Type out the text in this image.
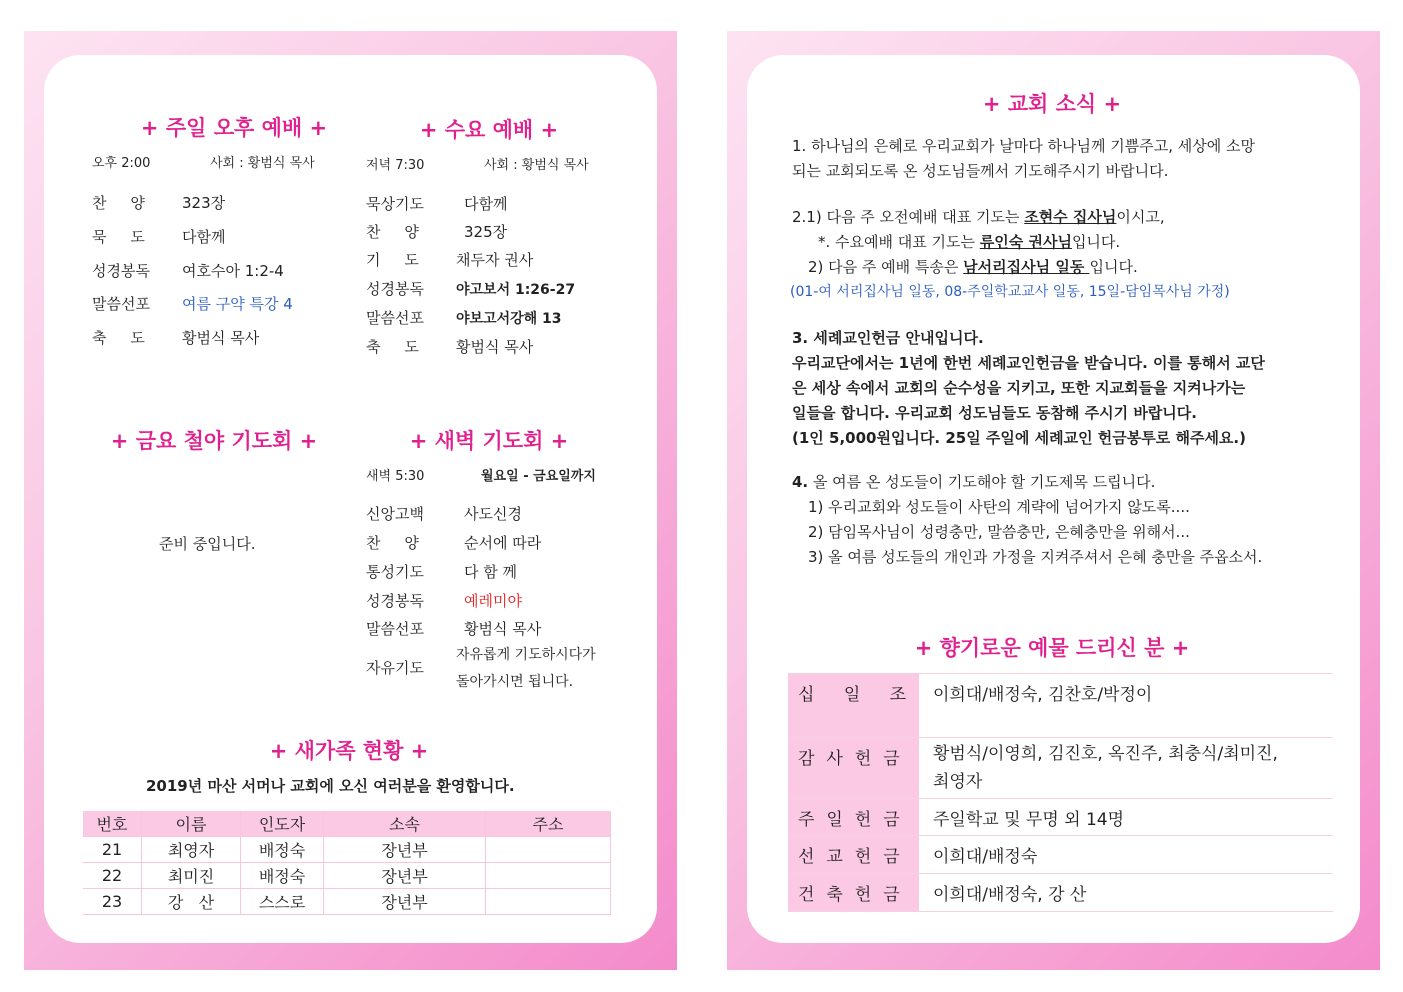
+ 주일 오후 예배 +
오후 2:00	사회 : 황범식 목사
찬     양 323장
묵     도 다함께
성경봉독 여호수아 1:2-4
말씀선포 여름 구약 특강 4
축     도 황범식 목사
+ 수요 예배 +
저녁 7:30	사회 : 황범식 목사
묵상기도	다함께
찬     양	325장
기     도 채두자 권사
성경봉독 야고보서 1:26-27
말씀선포 야보고서강해 13
축     도 황범식 목사
+ 금요 철야 기도회 +
준비 중입니다.
+ 새벽 기도회 +
새벽 5:30	월요일 - 금요일까지
신앙고백	사도신경
찬     양	순서에 따라
통성기도	다 함 께
성경봉독	예레미야
말씀선포	황범식 목사
자유기도
자유롭게 기도하시다가
돌아가시면 됩니다.
+ 새가족 현황 +
2019년 마산 서머나 교회에 오신 여러분을 환영합니다.
번호	이름	인도자	소속	주소
21	최영자	배정숙	장년부	
22	최미진	배정숙	장년부	
23	강   산	스스로	장년부	
+ 교회 소식 +

1. 하나님의 은혜로 우리교회가 날마다 하나님께 기쁨주고, 세상에 소망

되는 교회되도록 온 성도님들께서 기도해주시기 바랍니다.

2.1) 다음 주 오전예배 대표 기도는 조현수 집사님이시고,

*. 수요예배 대표 기도는 류인숙 권사님입니다.

2) 다음 주 예배 특송은 남서리집사님 일동 입니다.

(01-여 서리집사님 일동, 08-주일학교교사 일동, 15일-담임목사님 가정)

3. 세례교인헌금 안내입니다.

우리교단에서는 1년에 한번 세례교인헌금을 받습니다. 이를 통해서 교단

은 세상 속에서 교회의 순수성을 지키고, 또한 지교회들을 지켜나가는

일들을 합니다. 우리교회 성도님들도 동참해 주시기 바랍니다.

(1인 5,000원입니다. 25일 주일에 세례교인 헌금봉투로 해주세요.)

4. 올 여름 온 성도들이 기도해야 할 기도제목 드립니다.

1) 우리교회와 성도들이 사탄의 계략에 넘어가지 않도록....

2) 담임목사님이 성령충만, 말씀충만, 은혜충만을 위해서...

3) 올 여름 성도들의 개인과 가정을 지켜주셔서 은혜 충만을 주옵소서.

+ 향기로운 예물 드리신 분 +
십 일 조	이희대/배정숙, 김찬호/박정이
감사헌금	황범식/이영희, 김진호, 옥진주, 최충식/최미진,
최영자
주일헌금	주일학교 및 무명 외 14명
선교헌금	이희대/배정숙
건축헌금	이희대/배정숙, 강 산
